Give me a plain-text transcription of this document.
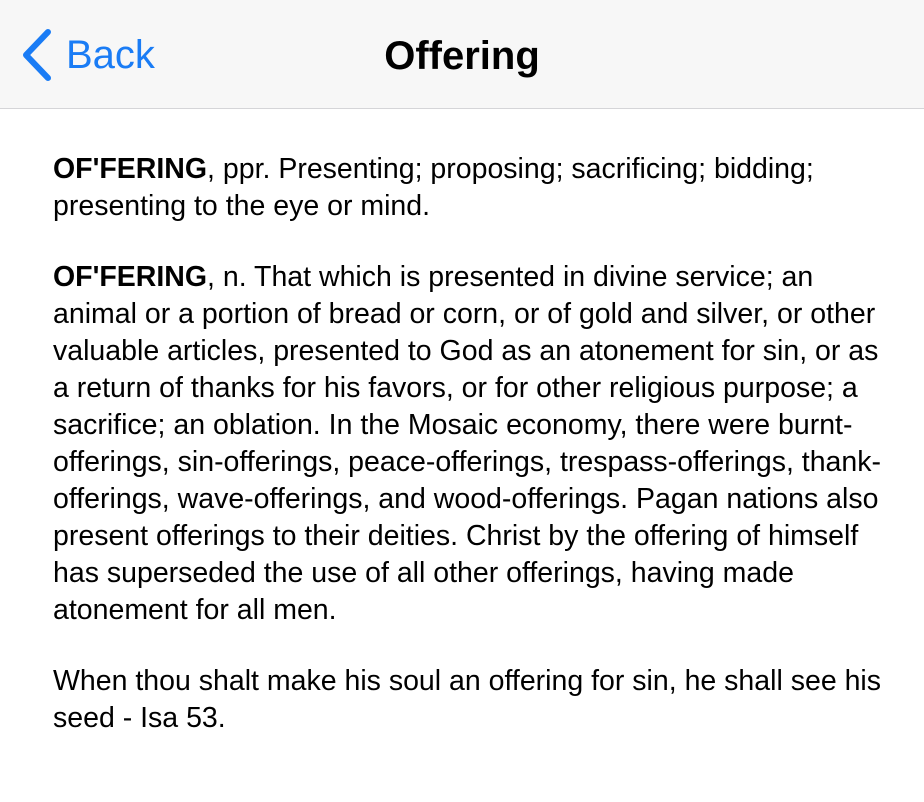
Back	Offering

OF'FERING, ppr. Presenting; proposing; sacrificing; bidding; presenting to the eye or mind.

OF'FERING, n. That which is presented in divine service; an animal or a portion of bread or corn, or of gold and silver, or other valuable articles, presented to God as an atonement for sin, or as a return of thanks for his favors, or for other religious purpose; a sacrifice; an oblation. In the Mosaic economy, there were burnt-offerings, sin-offerings, peace-offerings, trespass-offerings, thank-offerings, wave-offerings, and wood-offerings. Pagan nations also present offerings to their deities. Christ by the offering of himself has superseded the use of all other offerings, having made atonement for all men.

When thou shalt make his soul an offering for sin, he shall see his seed - Isa 53.
